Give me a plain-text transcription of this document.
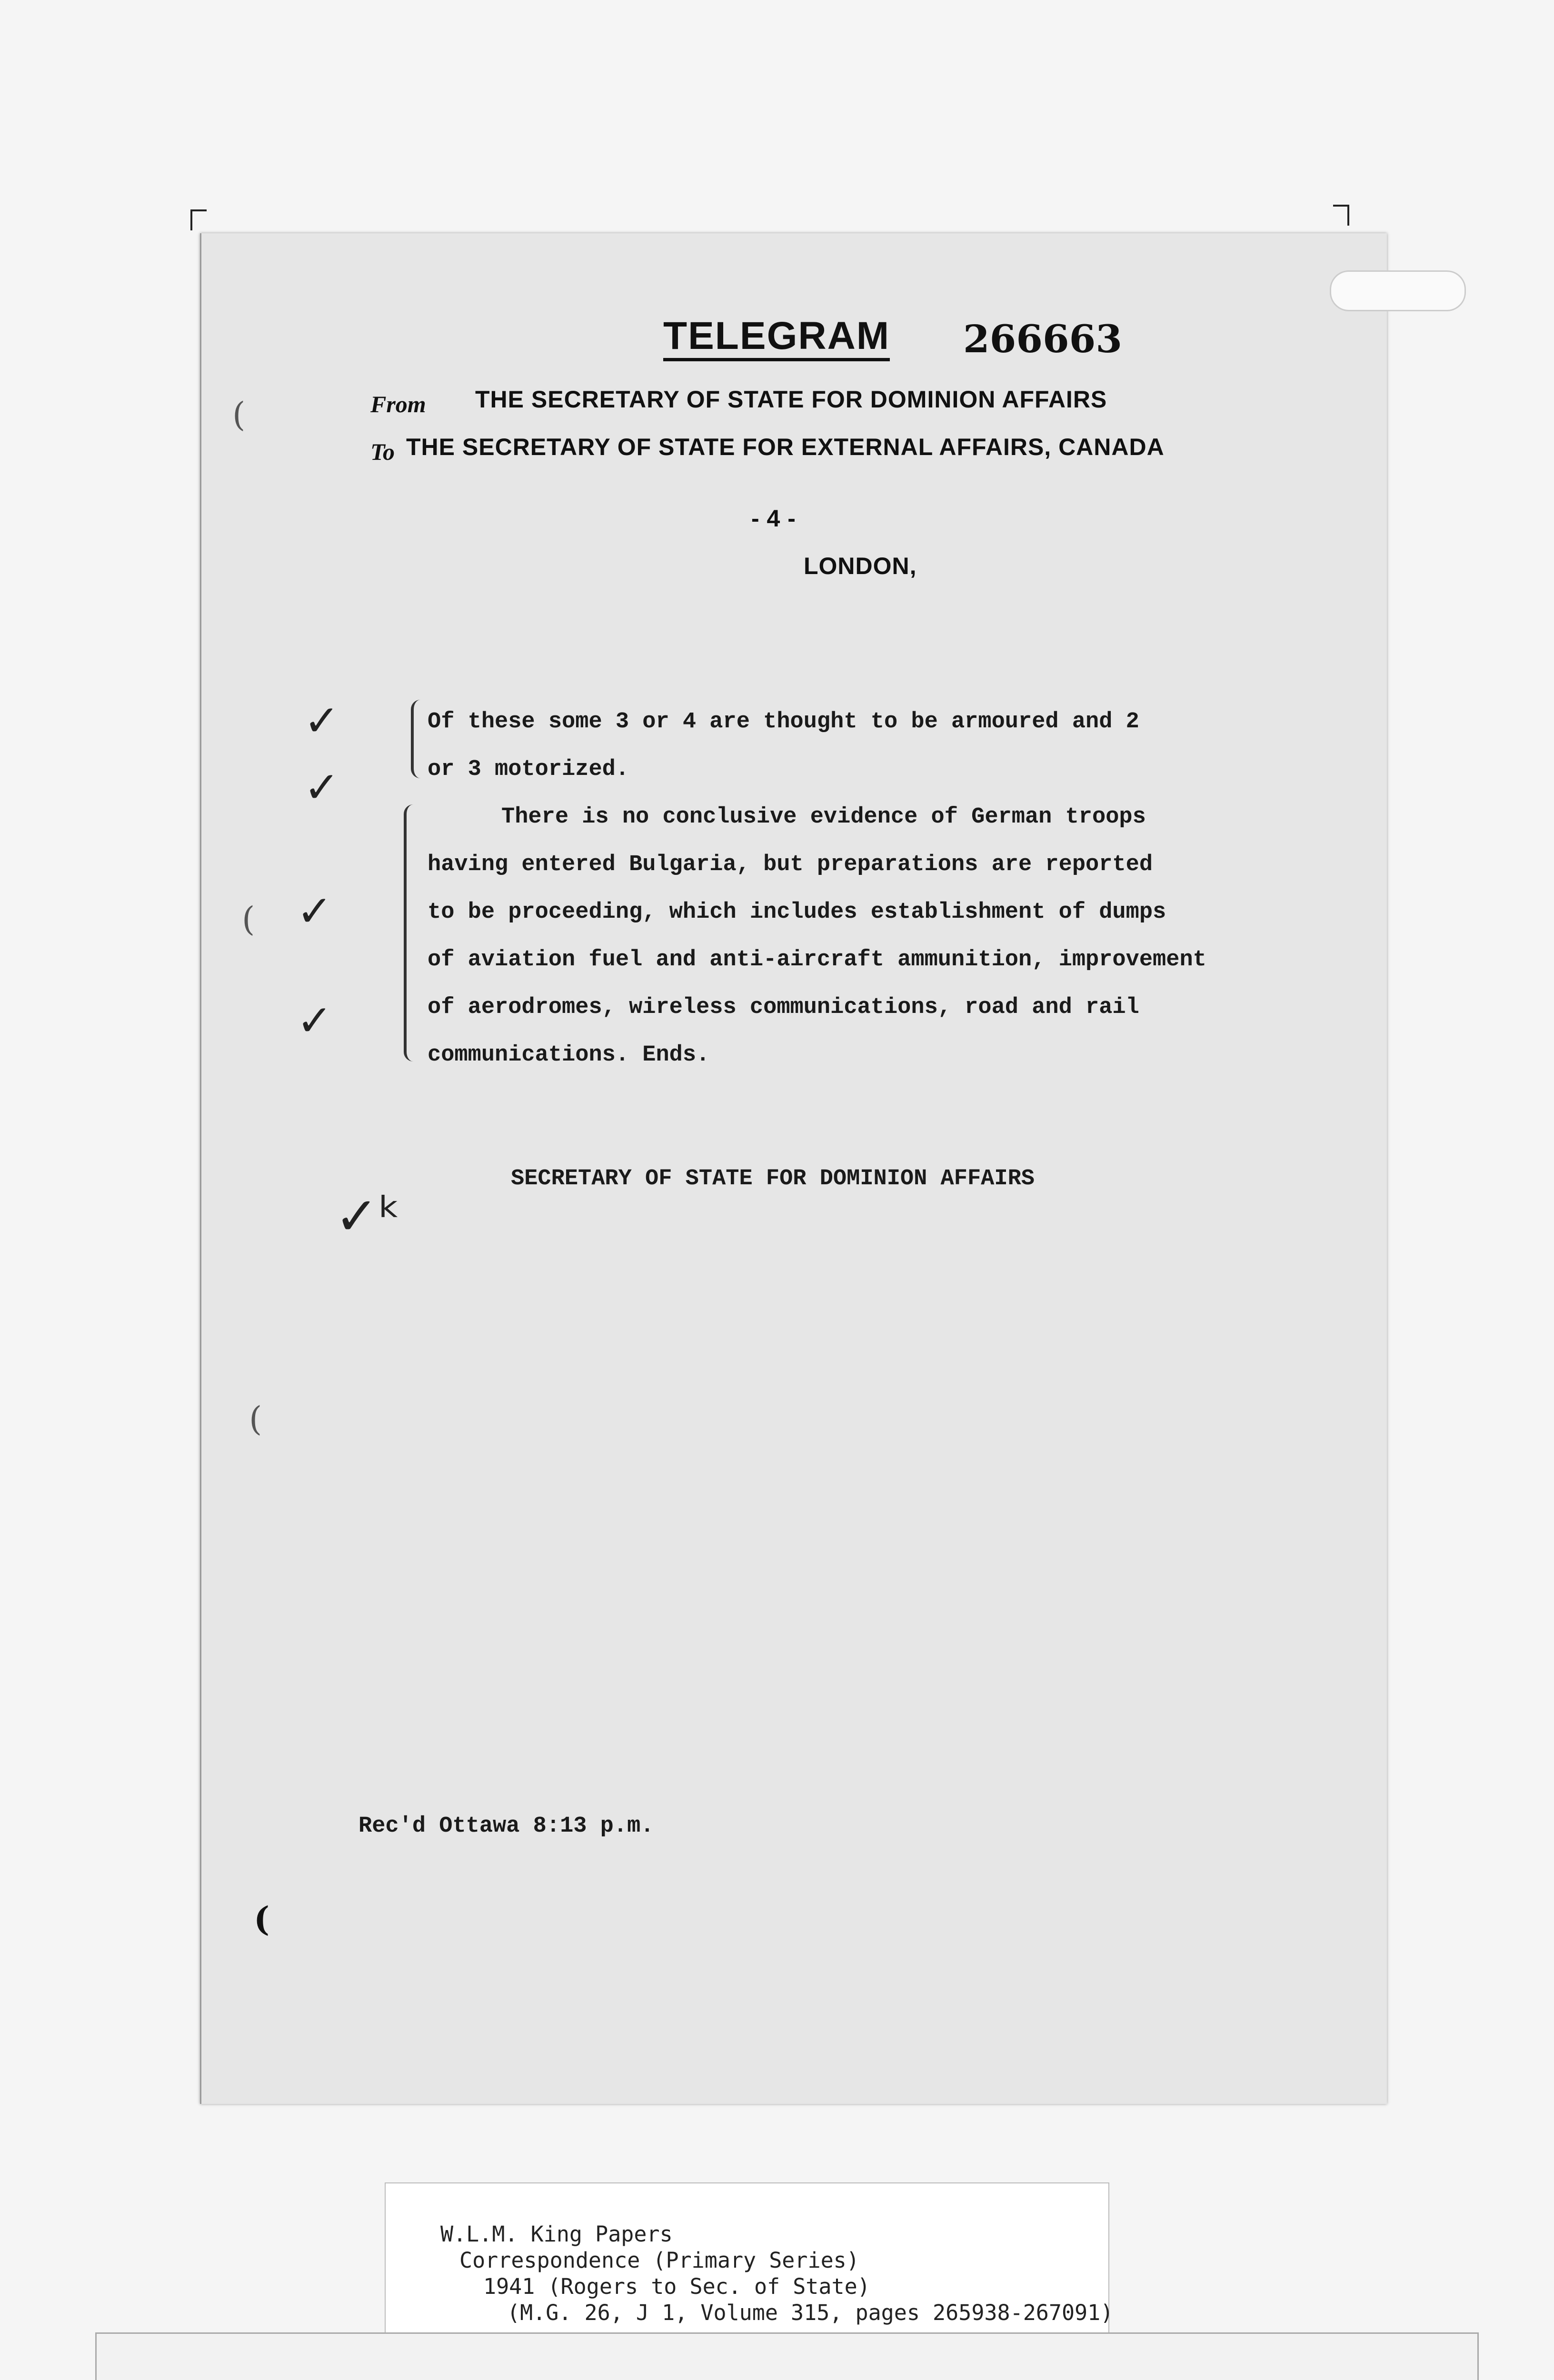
(
(
(
(
TELEGRAM 266663
From THE SECRETARY OF STATE FOR DOMINION AFFAIRS
To THE SECRETARY OF STATE FOR EXTERNAL AFFAIRS, CANADA
- 4 -
LONDON,
✓
✓
✓
✓
Of these some 3 or 4 are thought to be armoured and 2
or 3 motorized.
There is no conclusive evidence of German troops
having entered Bulgaria, but preparations are reported
to be proceeding, which includes establishment of dumps
of aviation fuel and anti-aircraft ammunition, improvement
of aerodromes, wireless communications, road and rail
communications. Ends.
SECRETARY OF STATE FOR DOMINION AFFAIRS
✓ᵏ
Rec'd Ottawa 8:13 p.m.
W.L.M. King Papers
Correspondence (Primary Series)
1941 (Rogers to Sec. of State)
(M.G. 26, J 1, Volume 315, pages 265938-267091)
